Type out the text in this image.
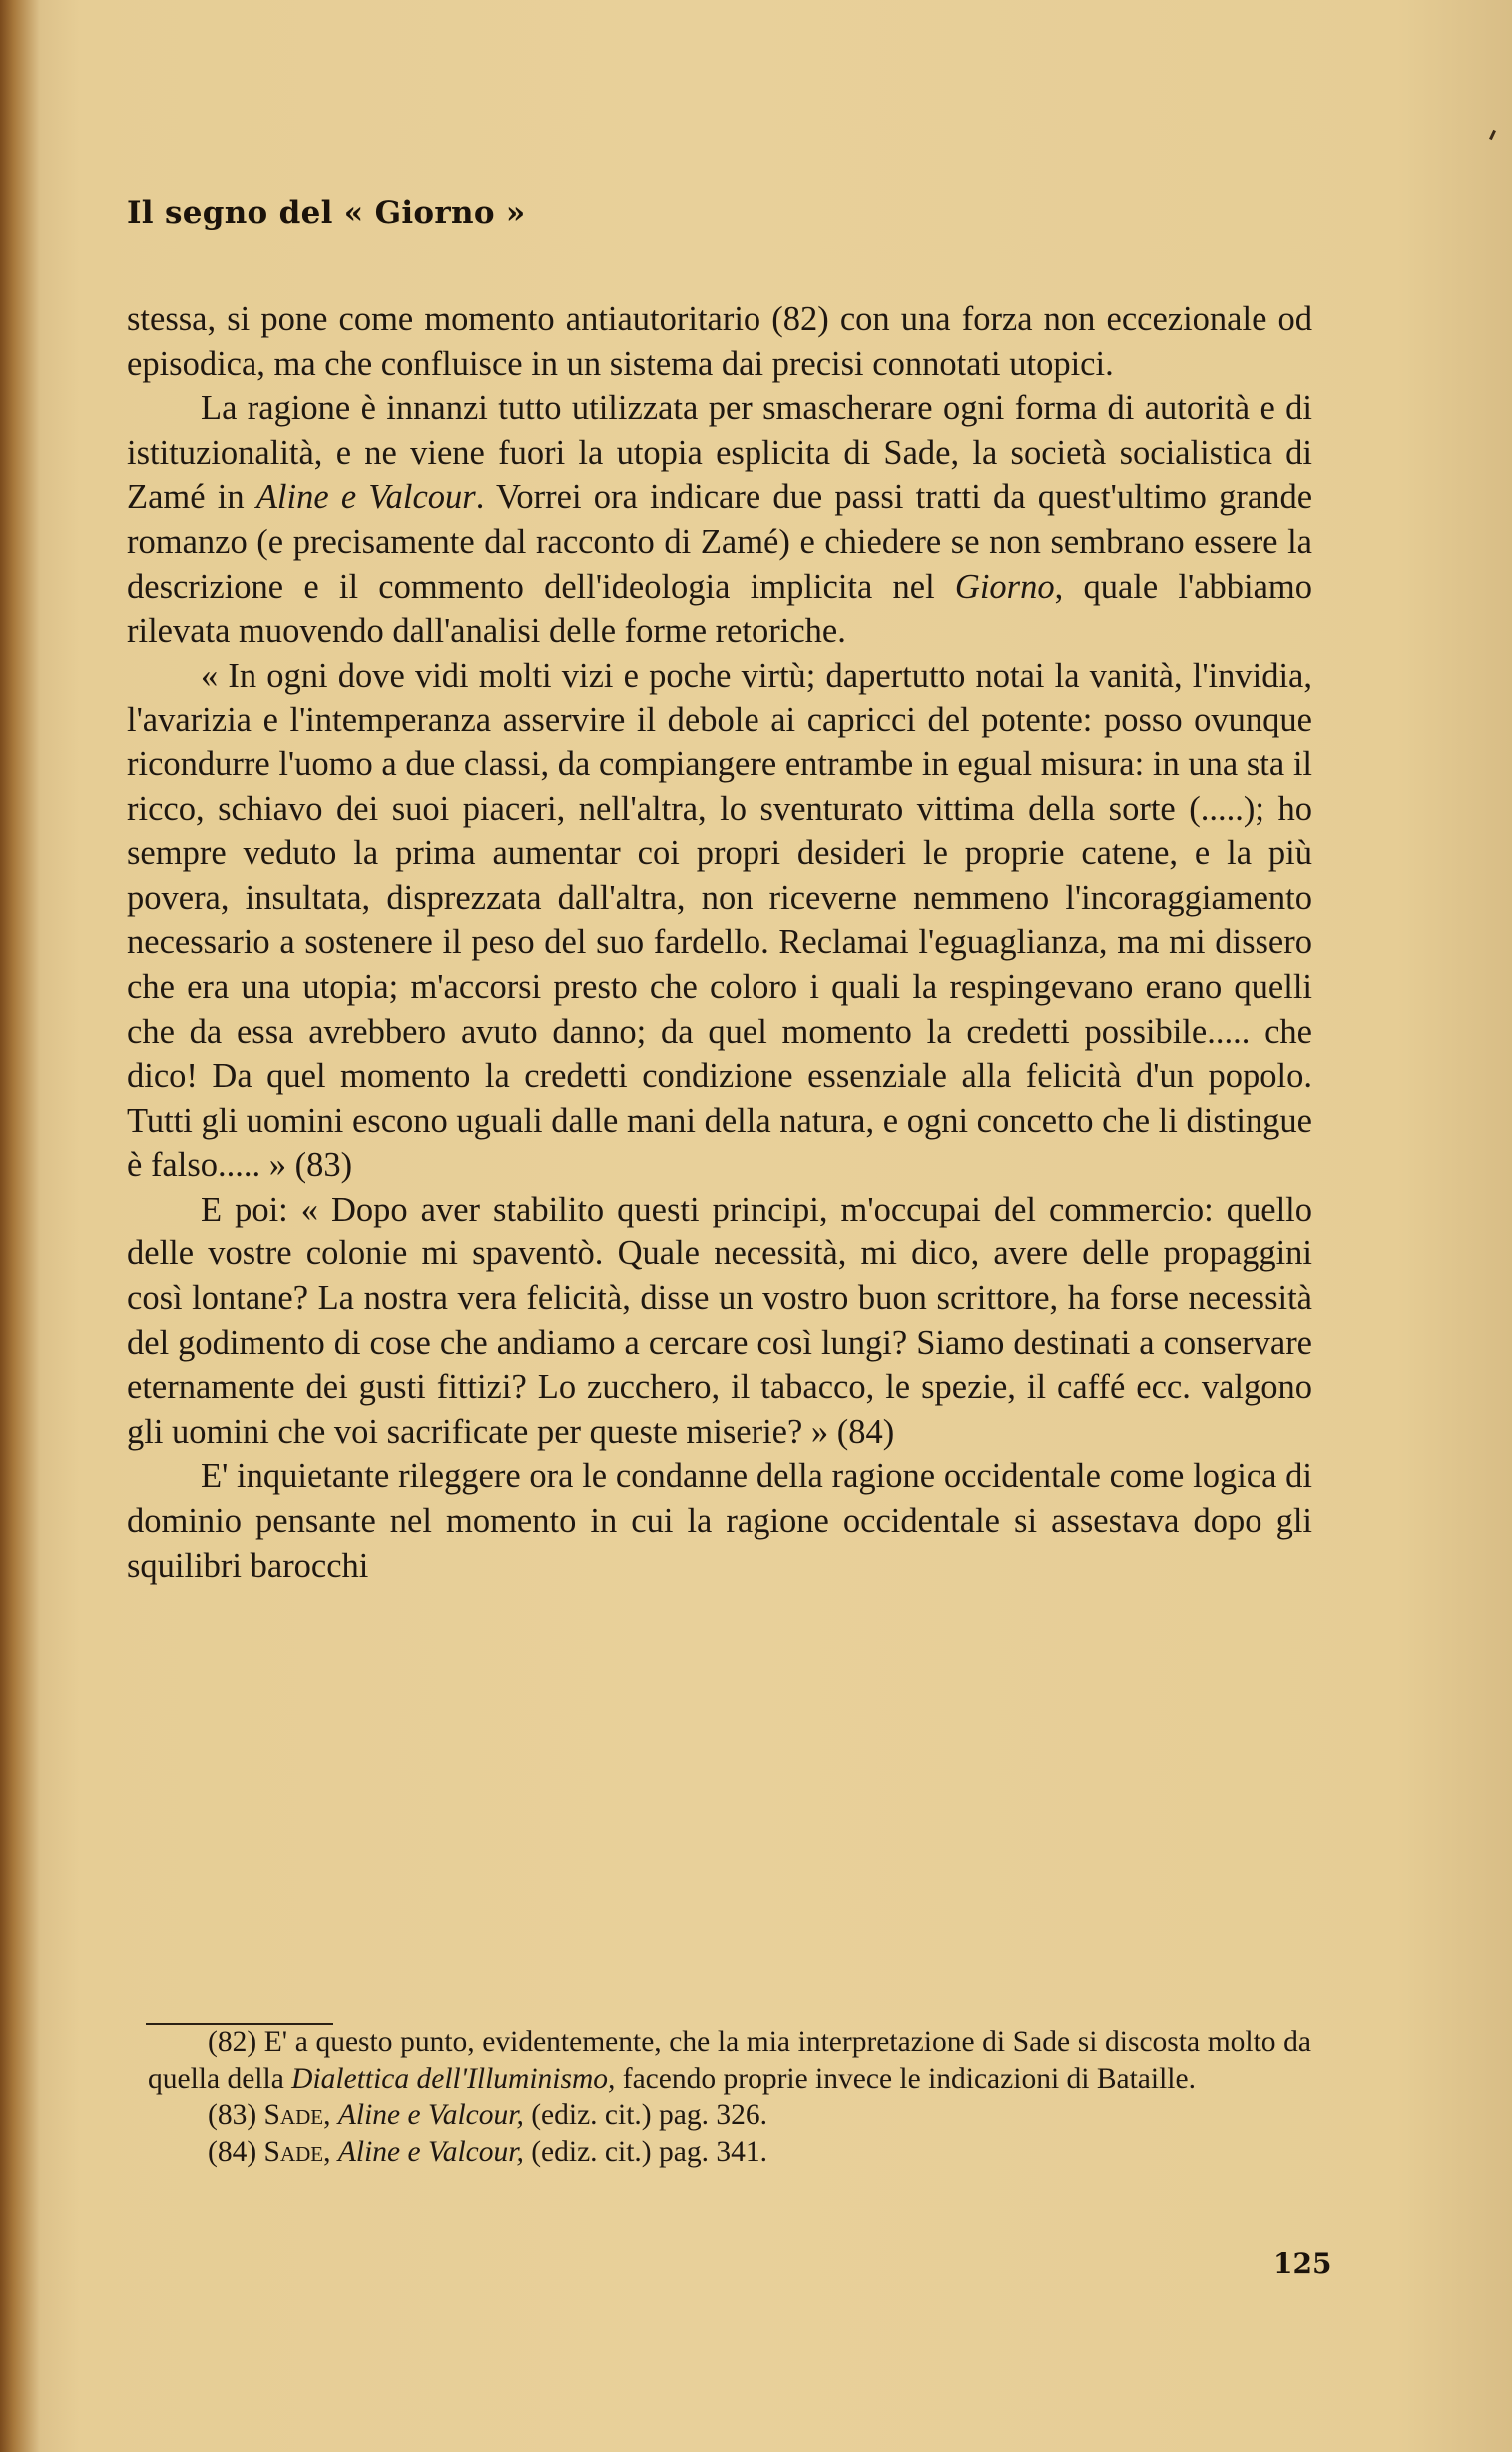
Il segno del « Giorno »

stessa, si pone come momento antiautoritario (82) con una forza non eccezionale od episodica, ma che confluisce in un sistema dai precisi connotati utopici.

La ragione è innanzi tutto utilizzata per smascherare ogni forma di autorità e di istituzionalità, e ne viene fuori la utopia esplicita di Sade, la società socialistica di Zamé in Aline e Valcour. Vorrei ora indicare due passi tratti da quest'ultimo grande romanzo (e precisamente dal racconto di Zamé) e chiedere se non sembrano essere la descrizione e il commento dell'ideologia implicita nel Giorno, quale l'abbiamo rilevata muovendo dall'analisi delle forme retoriche.

« In ogni dove vidi molti vizi e poche virtù; dapertutto notai la vanità, l'invidia, l'avarizia e l'intemperanza asservire il debole ai capricci del potente: posso ovunque ricondurre l'uomo a due classi, da compiangere entrambe in egual misura: in una sta il ricco, schiavo dei suoi piaceri, nell'altra, lo sventurato vittima della sorte (.....); ho sempre veduto la prima aumentar coi propri desideri le proprie catene, e la più povera, insultata, disprezzata dall'altra, non riceverne nemmeno l'incoraggiamento necessario a sostenere il peso del suo fardello. Reclamai l'eguaglianza, ma mi dissero che era una utopia; m'accorsi presto che coloro i quali la respingevano erano quelli che da essa avrebbero avuto danno; da quel momento la credetti possibile..... che dico! Da quel momento la credetti condizione essenziale alla felicità d'un popolo. Tutti gli uomini escono uguali dalle mani della natura, e ogni concetto che li distingue è falso..... » (83)

E poi: « Dopo aver stabilito questi principi, m'occupai del commercio: quello delle vostre colonie mi spaventò. Quale necessità, mi dico, avere delle propaggini così lontane? La nostra vera felicità, disse un vostro buon scrittore, ha forse necessità del godimento di cose che andiamo a cercare così lungi? Siamo destinati a conservare eternamente dei gusti fittizi? Lo zucchero, il tabacco, le spezie, il caffé ecc. valgono gli uomini che voi sacrificate per queste miserie? » (84)

E' inquietante rileggere ora le condanne della ragione occidentale come logica di dominio pensante nel momento in cui la ragione occidentale si assestava dopo gli squilibri barocchi

(82) E' a questo punto, evidentemente, che la mia interpretazione di Sade si discosta molto da quella della Dialettica dell'Illuminismo, facendo proprie invece le indicazioni di Bataille.

(83) Sade, Aline e Valcour, (ediz. cit.) pag. 326.

(84) Sade, Aline e Valcour, (ediz. cit.) pag. 341.

125
